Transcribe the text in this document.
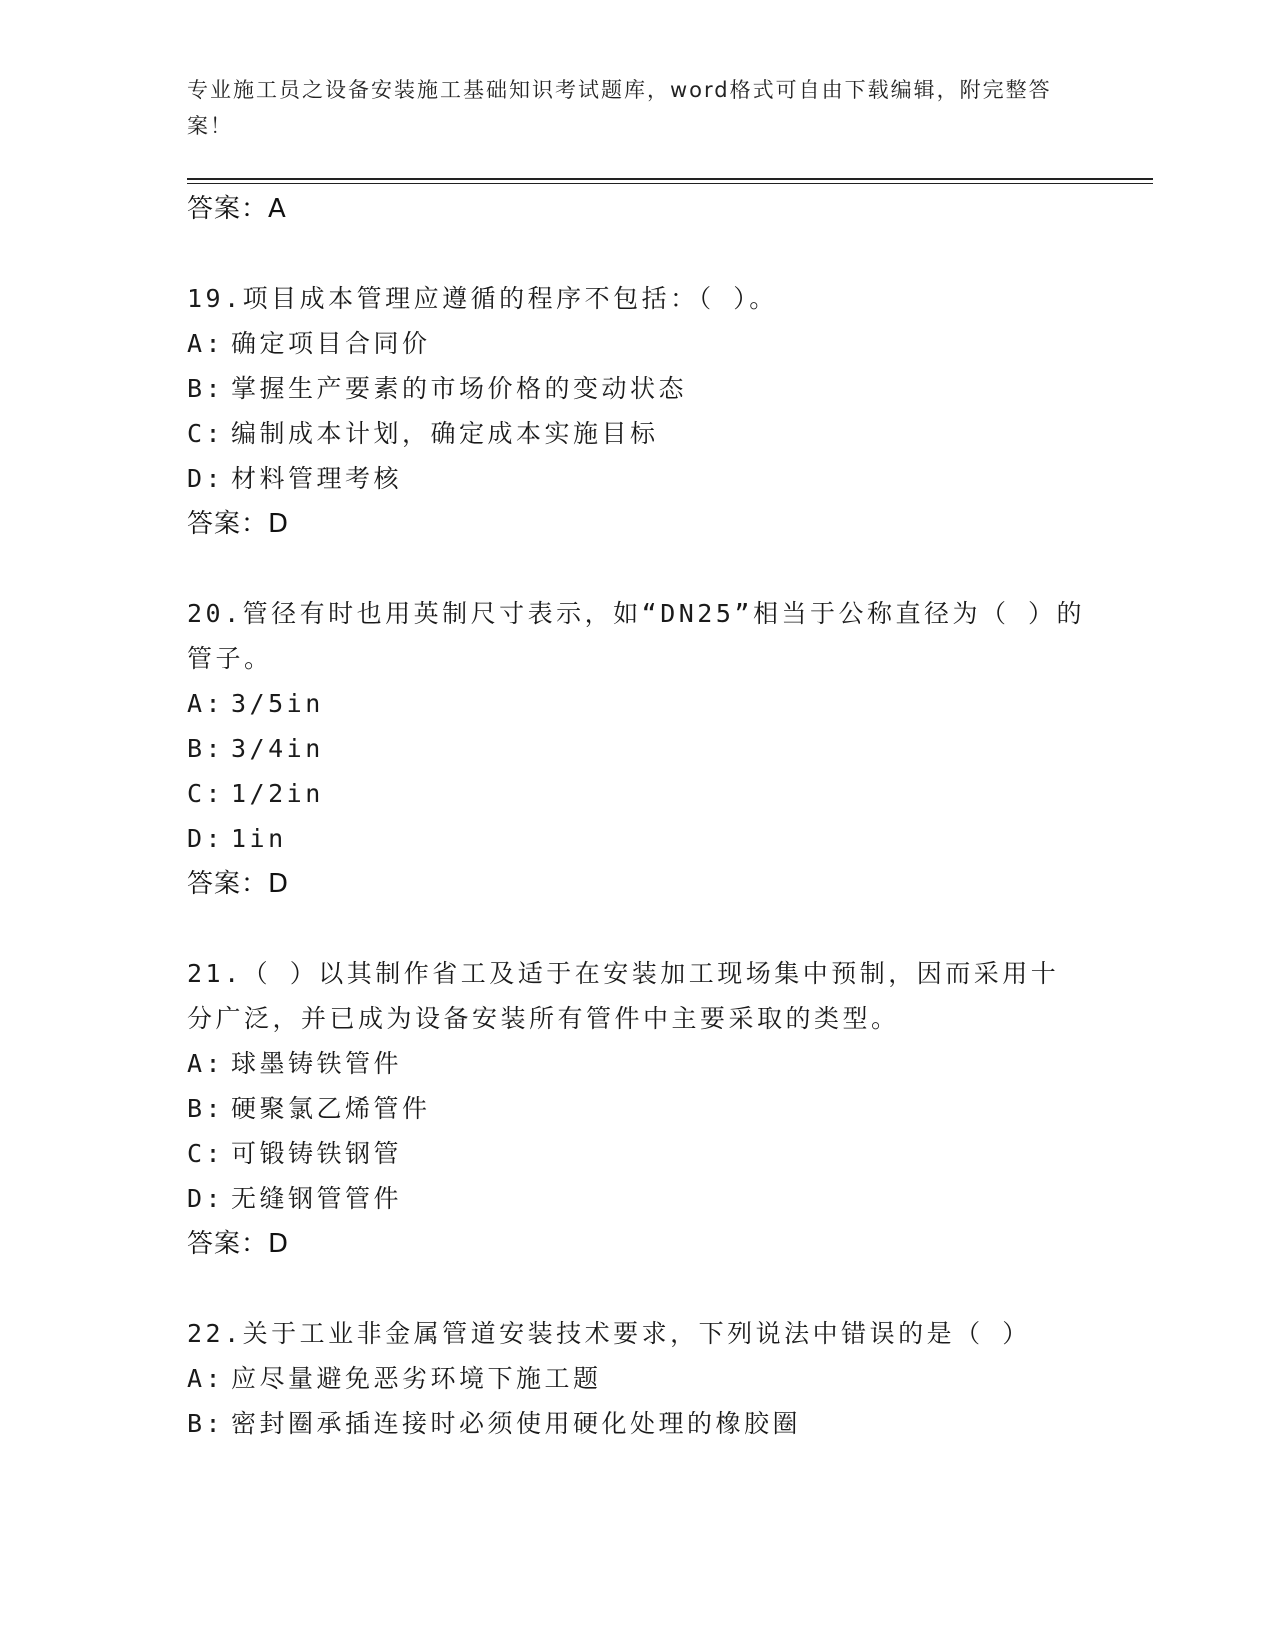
专业施工员之设备安装施工基础知识考试题库，word格式可自由下载编辑，附完整答案！
答案：A
19.项目成本管理应遵循的程序不包括：（ ）。
A: 确定项目合同价
B: 掌握生产要素的市场价格的变动状态
C: 编制成本计划，确定成本实施目标
D: 材料管理考核
答案：D
20.管径有时也用英制尺寸表示，如“DN25”相当于公称直径为（ ）的管子。
A: 3/5in
B: 3/4in
C: 1/2in
D: 1in
答案：D
21.（ ）以其制作省工及适于在安装加工现场集中预制，因而采用十分广泛，并已成为设备安装所有管件中主要采取的类型。
A: 球墨铸铁管件
B: 硬聚氯乙烯管件
C: 可锻铸铁钢管
D: 无缝钢管管件
答案：D
22.关于工业非金属管道安装技术要求，下列说法中错误的是（ ）
A: 应尽量避免恶劣环境下施工题
B: 密封圈承插连接时必须使用硬化处理的橡胶圈
